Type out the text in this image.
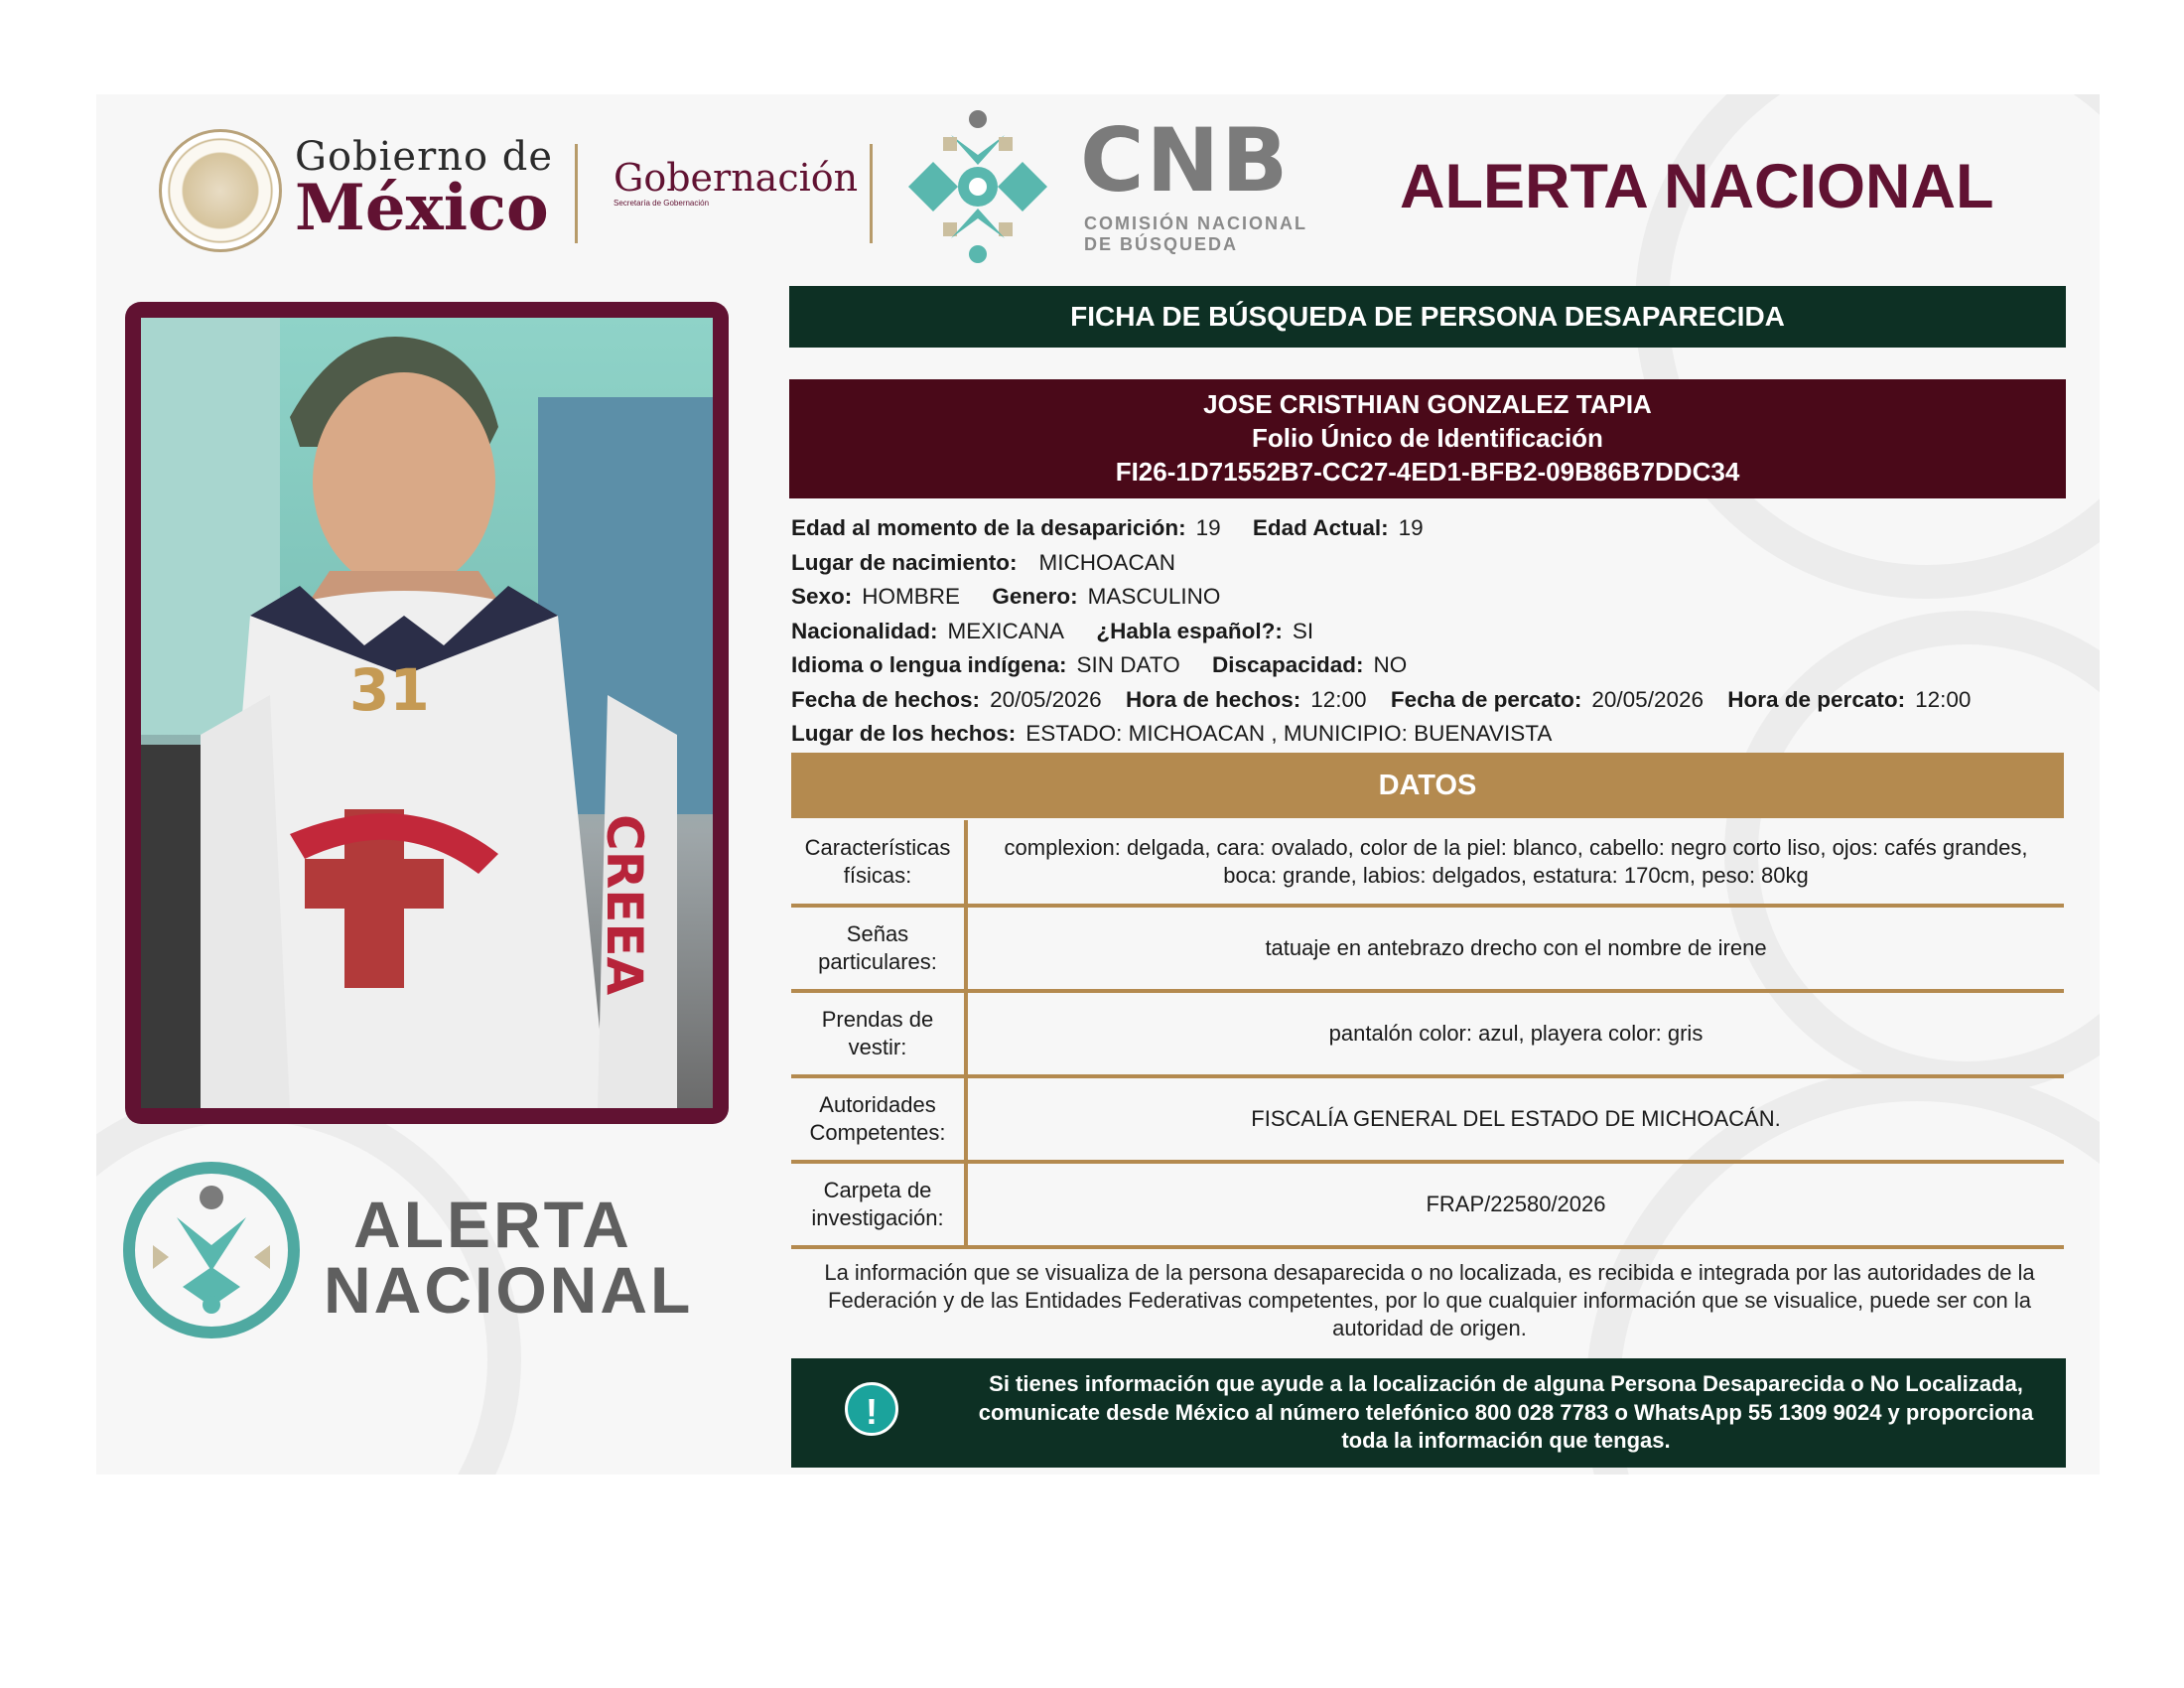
Gobierno de
México Gobernación
Secretaría de Gobernación	CNB
COMISIÓN NACIONAL DE BÚSQUEDA
ALERTA NACIONAL
31
CREEA
FICHA DE BÚSQUEDA DE PERSONA DESAPARECIDA
JOSE CRISTHIAN GONZALEZ TAPIA
Folio Único de Identificación
FI26-1D71552B7-CC27-4ED1-BFB2-09B86B7DDC34
Edad al momento de la desaparición: 19 Edad Actual: 19
Lugar de nacimiento: MICHOACAN
Sexo: HOMBRE Genero: MASCULINO
Nacionalidad: MEXICANA ¿Habla español?: SI
Idioma o lengua indígena: SIN DATO Discapacidad: NO
Fecha de hechos: 20/05/2026 Hora de hechos: 12:00 Fecha de percato: 20/05/2026 Hora de percato: 12:00
Lugar de los hechos: ESTADO: MICHOACAN , MUNICIPIO: BUENAVISTA
DATOS
Características físicas:	complexion: delgada, cara: ovalado, color de la piel: blanco, cabello: negro corto liso, ojos: cafés grandes, boca: grande, labios: delgados, estatura: 170cm, peso: 80kg
Señas particulares:	tatuaje en antebrazo drecho con el nombre de irene
Prendas de vestir:	pantalón color: azul, playera color: gris
Autoridades Competentes:	FISCALÍA GENERAL DEL ESTADO DE MICHOACÁN.
Carpeta de investigación:	FRAP/22580/2026
La información que se visualiza de la persona desaparecida o no localizada, es recibida e integrada por las autoridades de la Federación y de las Entidades Federativas competentes, por lo que cualquier información que se visualice, puede ser con la autoridad de origen.
!
Si tienes información que ayude a la localización de alguna Persona Desaparecida o No Localizada, comunicate desde México al número telefónico 800 028 7783 o WhatsApp 55 1309 9024 y proporciona toda la información que tengas.
ALERTA
NACIONAL
